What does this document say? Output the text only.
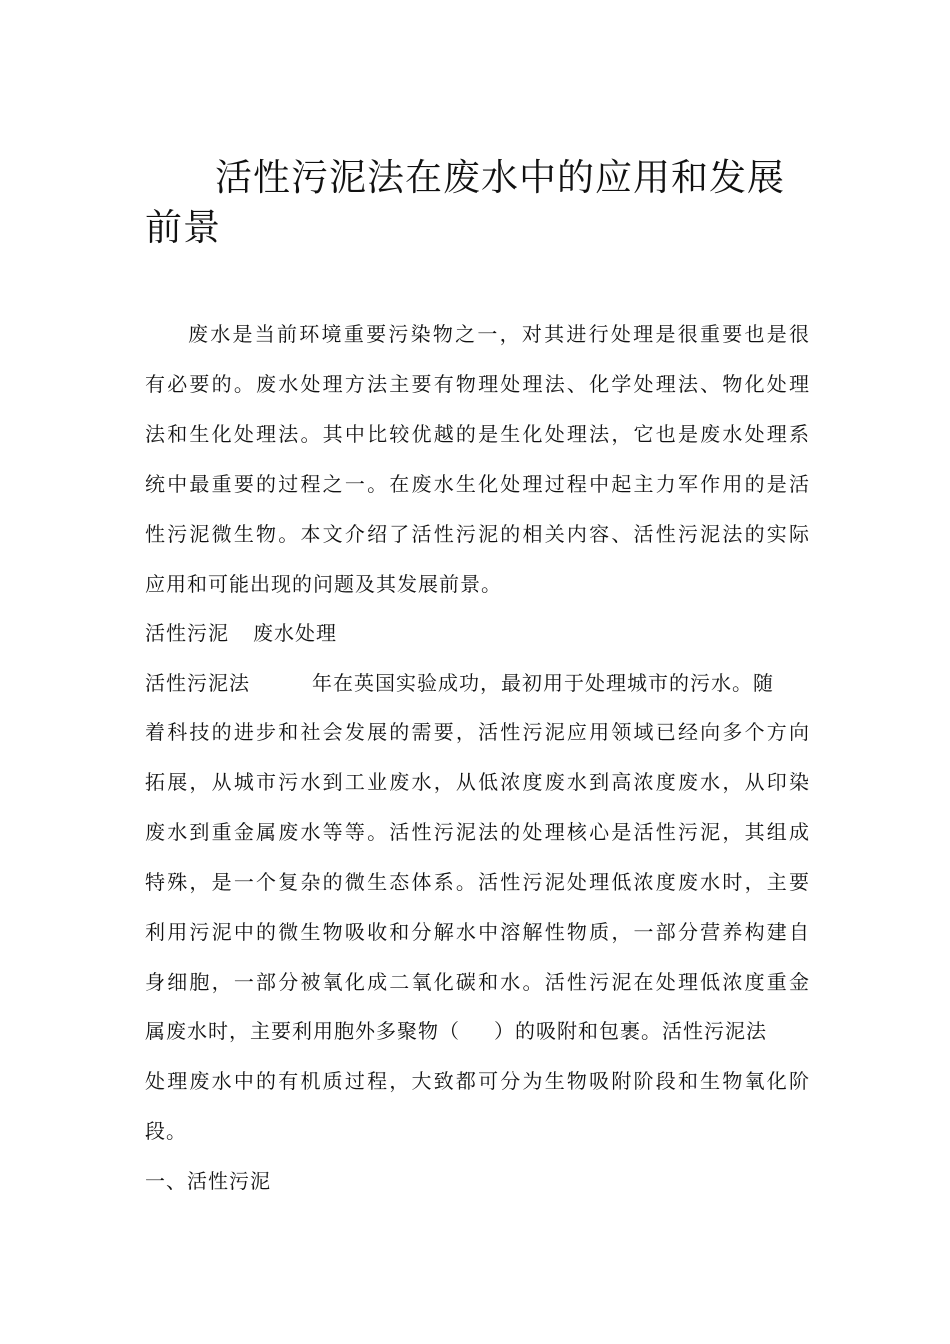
活性污泥法在废水中的应用和发展前景

废水是当前环境重要污染物之一，对其进行处理是很重要也是很

有必要的。废水处理方法主要有物理处理法、化学处理法、物化处理

法和生化处理法。其中比较优越的是生化处理法，它也是废水处理系

统中最重要的过程之一。在废水生化处理过程中起主力军作用的是活

性污泥微生物。本文介绍了活性污泥的相关内容、活性污泥法的实际

应用和可能出现的问题及其发展前景。

活性污泥 废水处理

活性污泥法	年在英国实验成功，最初用于处理城市的污水。随

着科技的进步和社会发展的需要，活性污泥应用领域已经向多个方向

拓展，从城市污水到工业废水，从低浓度废水到高浓度废水，从印染

废水到重金属废水等等。活性污泥法的处理核心是活性污泥，其组成

特殊，是一个复杂的微生态体系。活性污泥处理低浓度废水时，主要

利用污泥中的微生物吸收和分解水中溶解性物质，一部分营养构建自

身细胞，一部分被氧化成二氧化碳和水。活性污泥在处理低浓度重金

属废水时，主要利用胞外多聚物（ ）的吸附和包裹。活性污泥法

处理废水中的有机质过程，大致都可分为生物吸附阶段和生物氧化阶

段。

一、活性污泥
